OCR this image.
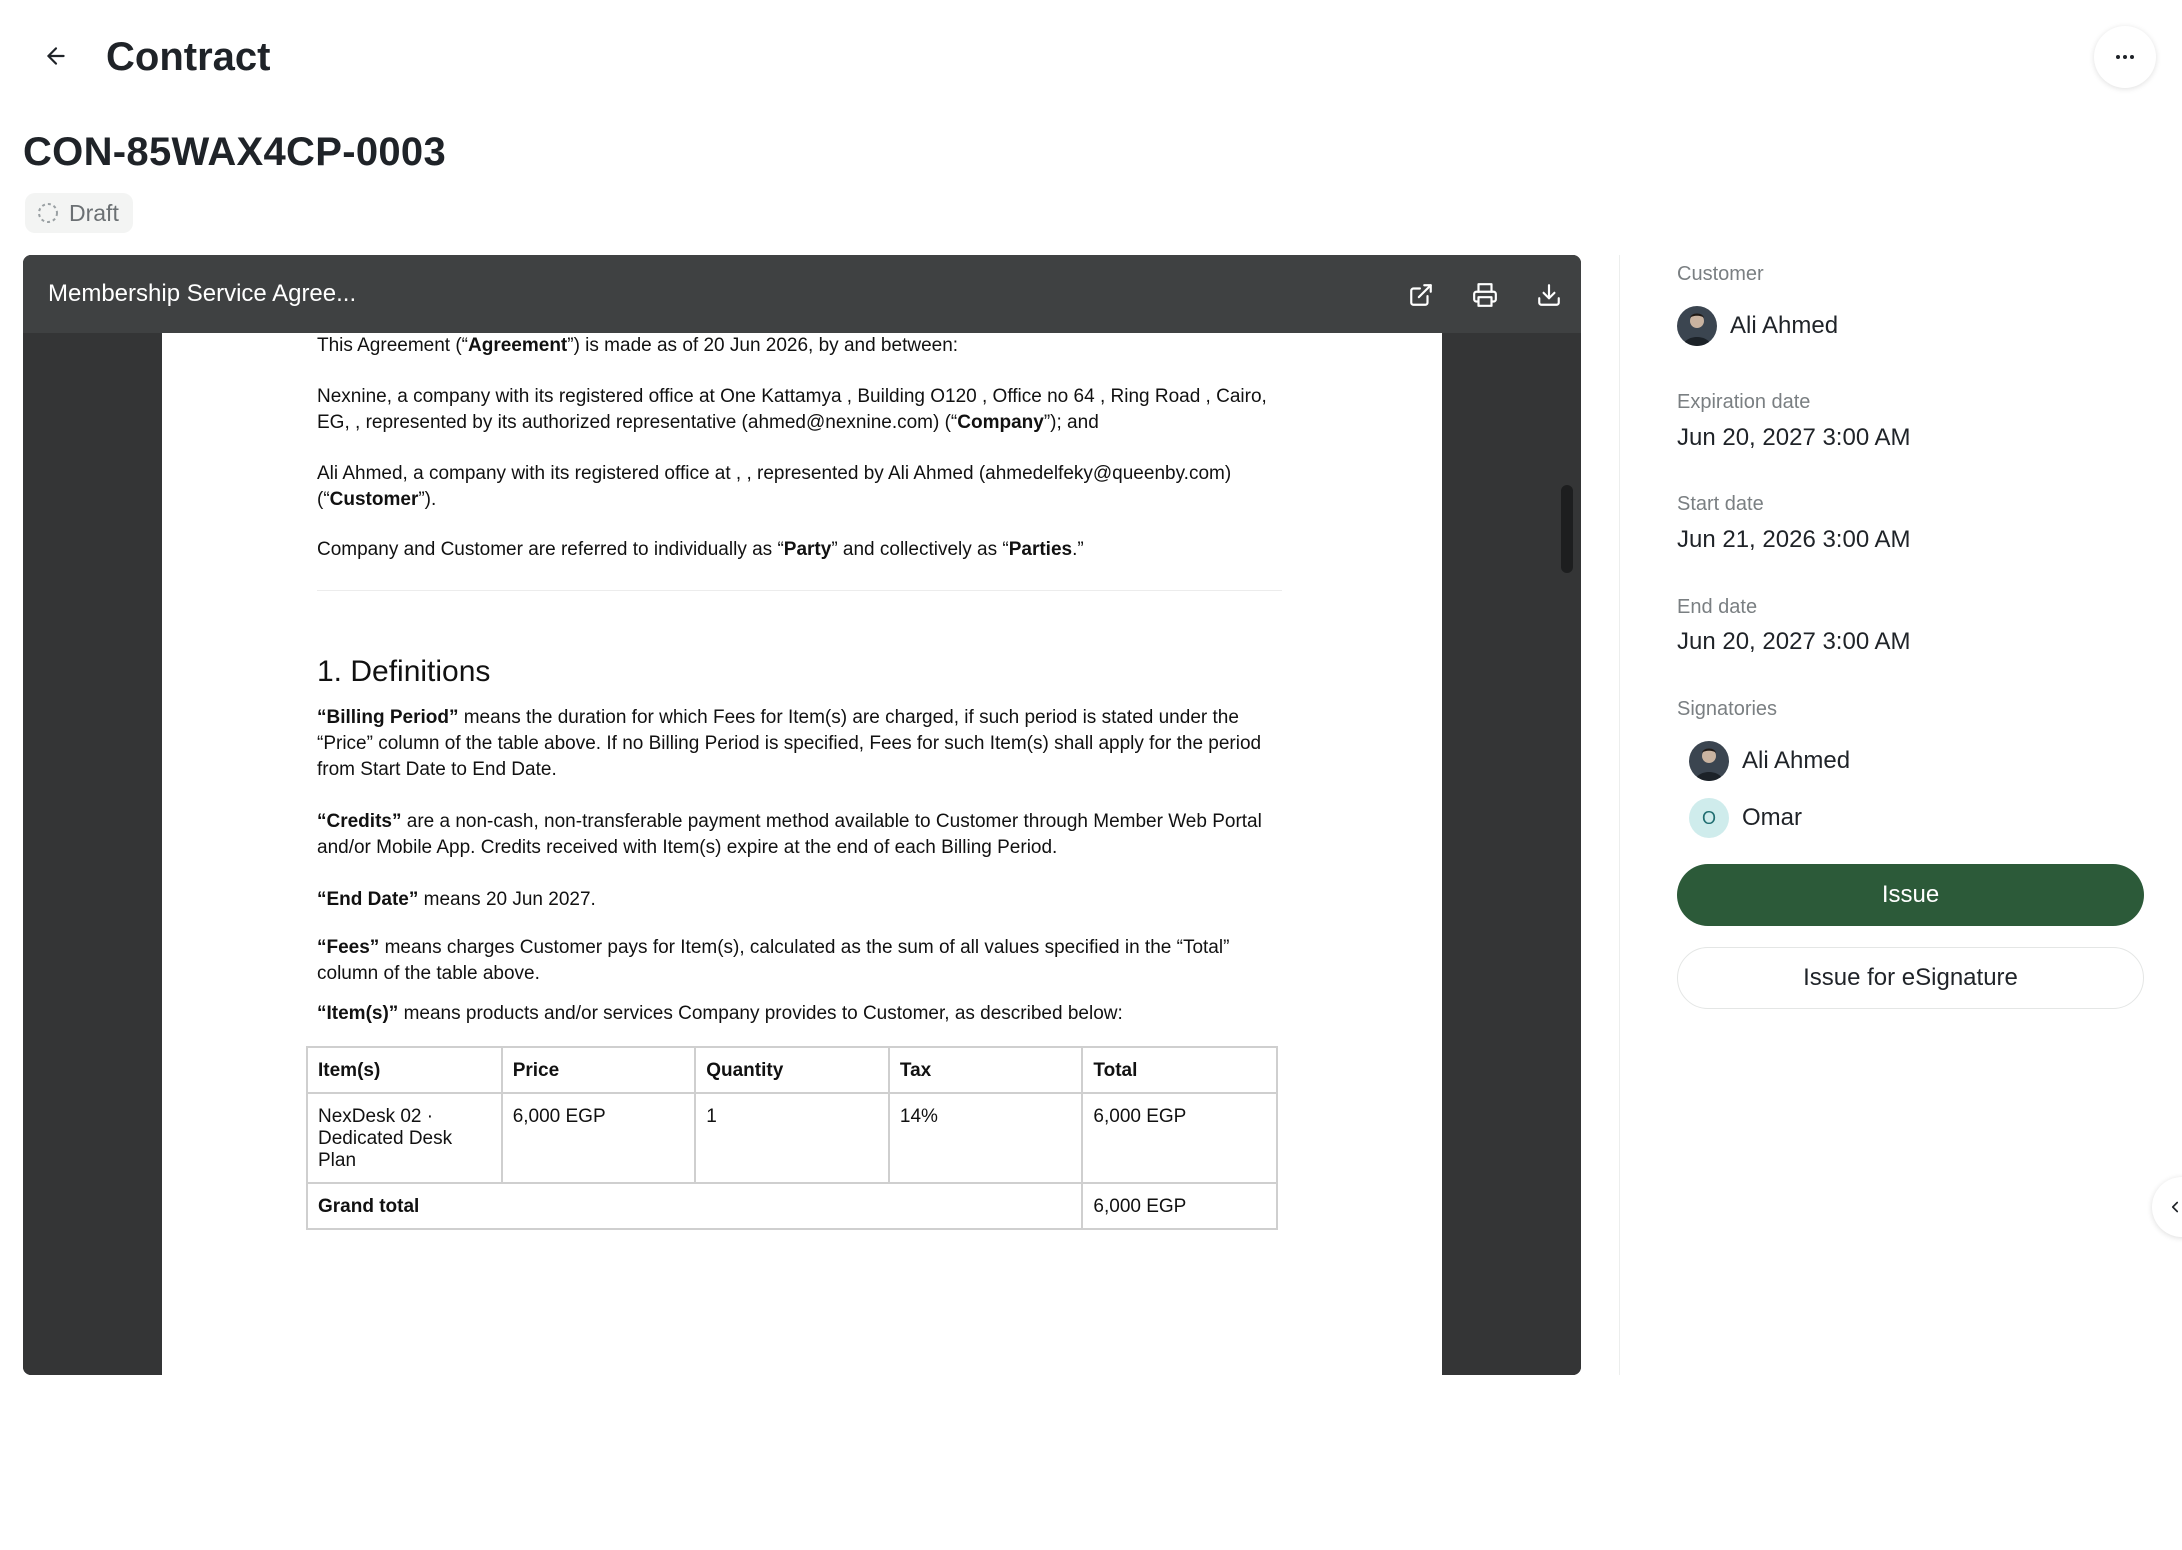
Contract
CON-85WAX4CP-0003
Draft
Membership Service Agree...
This Agreement (“Agreement”) is made as of 20 Jun 2026, by and between:
Nexnine, a company with its registered office at One Kattamya , Building O120 , Office no 64 , Ring Road , Cairo,
EG, , represented by its authorized representative (ahmed@nexnine.com) (“Company”); and
Ali Ahmed, a company with its registered office at , , represented by Ali Ahmed (ahmedelfeky@queenby.com)
(“Customer”).
Company and Customer are referred to individually as “Party” and collectively as “Parties.”
1. Definitions
“Billing Period” means the duration for which Fees for Item(s) are charged, if such period is stated under the
“Price” column of the table above. If no Billing Period is specified, Fees for such Item(s) shall apply for the period
from Start Date to End Date.
“Credits” are a non-cash, non-transferable payment method available to Customer through Member Web Portal
and/or Mobile App. Credits received with Item(s) expire at the end of each Billing Period.
“End Date” means 20 Jun 2027.
“Fees” means charges Customer pays for Item(s), calculated as the sum of all values specified in the “Total”
column of the table above.
“Item(s)” means products and/or services Company provides to Customer, as described below:
Item(s)	Price	Quantity	Tax	Total

NexDesk 02 ·
Dedicated Desk
Plan	6,000 EGP	1	14%	6,000 EGP
Grand total				6,000 EGP
Customer
Ali Ahmed
Expiration date
Jun 20, 2027 3:00 AM
Start date
Jun 21, 2026 3:00 AM
End date
Jun 20, 2027 3:00 AM
Signatories
Ali Ahmed
O	Omar
Issue
Issue for eSignature
